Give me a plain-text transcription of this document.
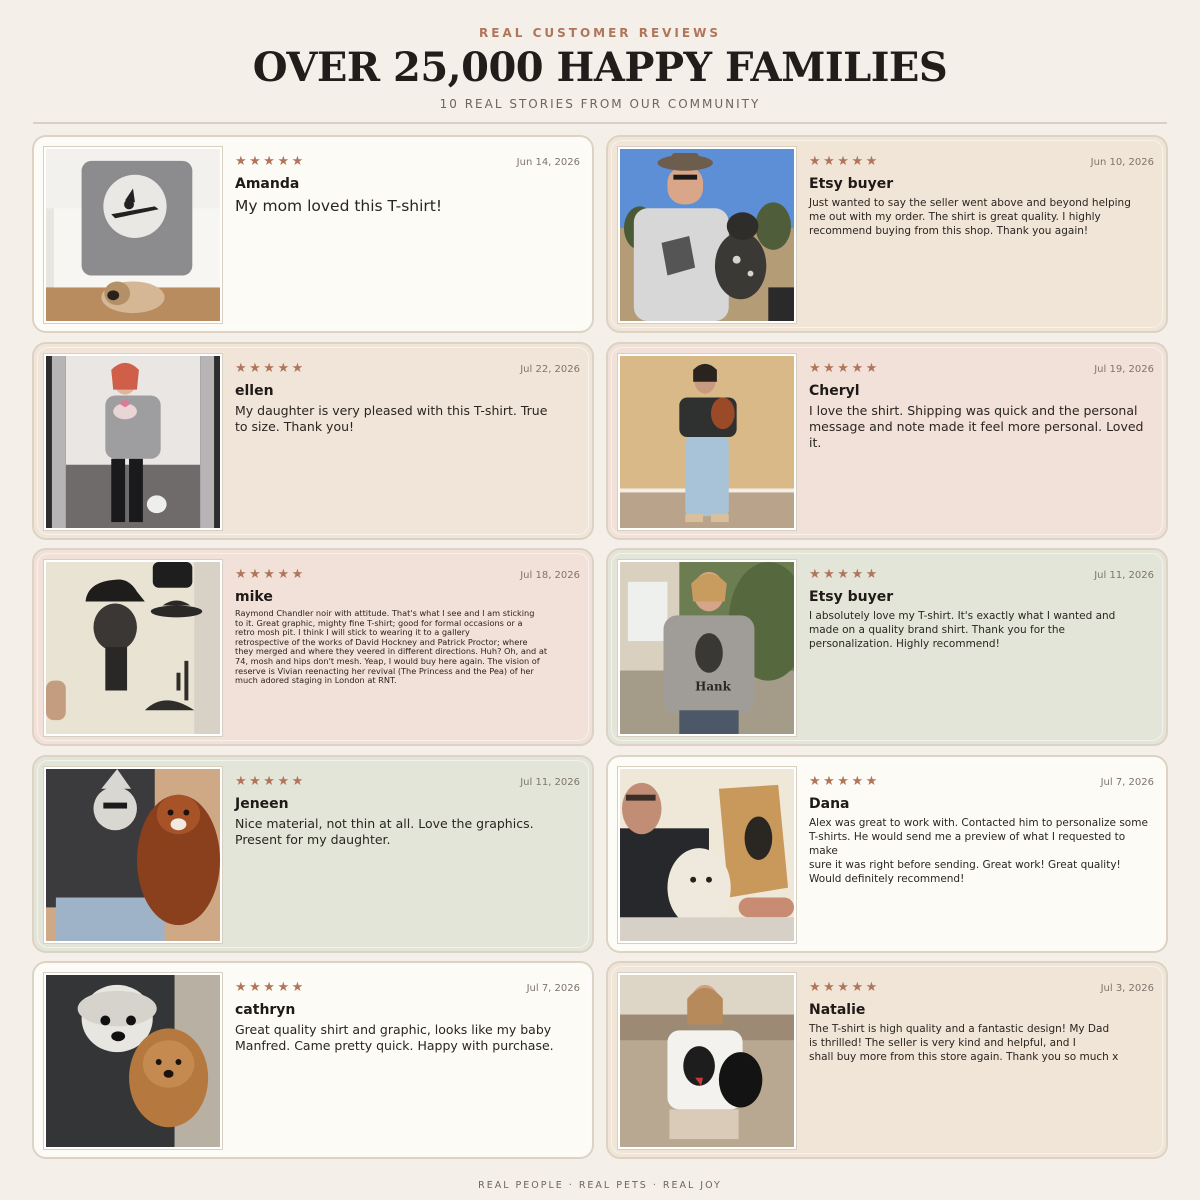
REAL CUSTOMER REVIEWS
OVER 25,000 HAPPY FAMILIES
10 REAL STORIES FROM OUR COMMUNITY
★★★★★	Jun 14, 2026
Amanda
My mom loved this T-shirt!
★★★★★	Jun 10, 2026
Etsy buyer
Just wanted to say the seller went above and beyond helping
me out with my order. The shirt is great quality. I highly
recommend buying from this shop. Thank you again!
★★★★★	Jul 22, 2026
ellen
My daughter is very pleased with this T-shirt. True
to size. Thank you!
★★★★★	Jul 19, 2026
Cheryl
I love the shirt. Shipping was quick and the personal
message and note made it feel more personal. Loved
it.
★★★★★	Jul 18, 2026
mike
Raymond Chandler noir with attitude. That's what I see and I am sticking
to it. Great graphic, mighty fine T-shirt; good for formal occasions or a
retro mosh pit. I think I will stick to wearing it to a gallery
retrospective of the works of David Hockney and Patrick Proctor; where
they merged and where they veered in different directions. Huh? Oh, and at
74, mosh and hips don't mesh. Yeap, I would buy here again. The vision of
reserve is Vivian reenacting her revival (The Princess and the Pea) of her
much adored staging in London at RNT.	Hank
★★★★★	Jul 11, 2026
Etsy buyer
I absolutely love my T-shirt. It's exactly what I wanted and
made on a quality brand shirt. Thank you for the
personalization. Highly recommend!
★★★★★	Jul 11, 2026
Jeneen
Nice material, not thin at all. Love the graphics.
Present for my daughter.
★★★★★	Jul 7, 2026
Dana
Alex was great to work with. Contacted him to personalize some
T-shirts. He would send me a preview of what I requested to make
sure it was right before sending. Great work! Great quality!
Would definitely recommend!
★★★★★	Jul 7, 2026
cathryn
Great quality shirt and graphic, looks like my baby
Manfred. Came pretty quick. Happy with purchase.
★★★★★	Jul 3, 2026
Natalie
The T-shirt is high quality and a fantastic design! My Dad
is thrilled! The seller is very kind and helpful, and I
shall buy more from this store again. Thank you so much x
REAL PEOPLE · REAL PETS · REAL JOY
